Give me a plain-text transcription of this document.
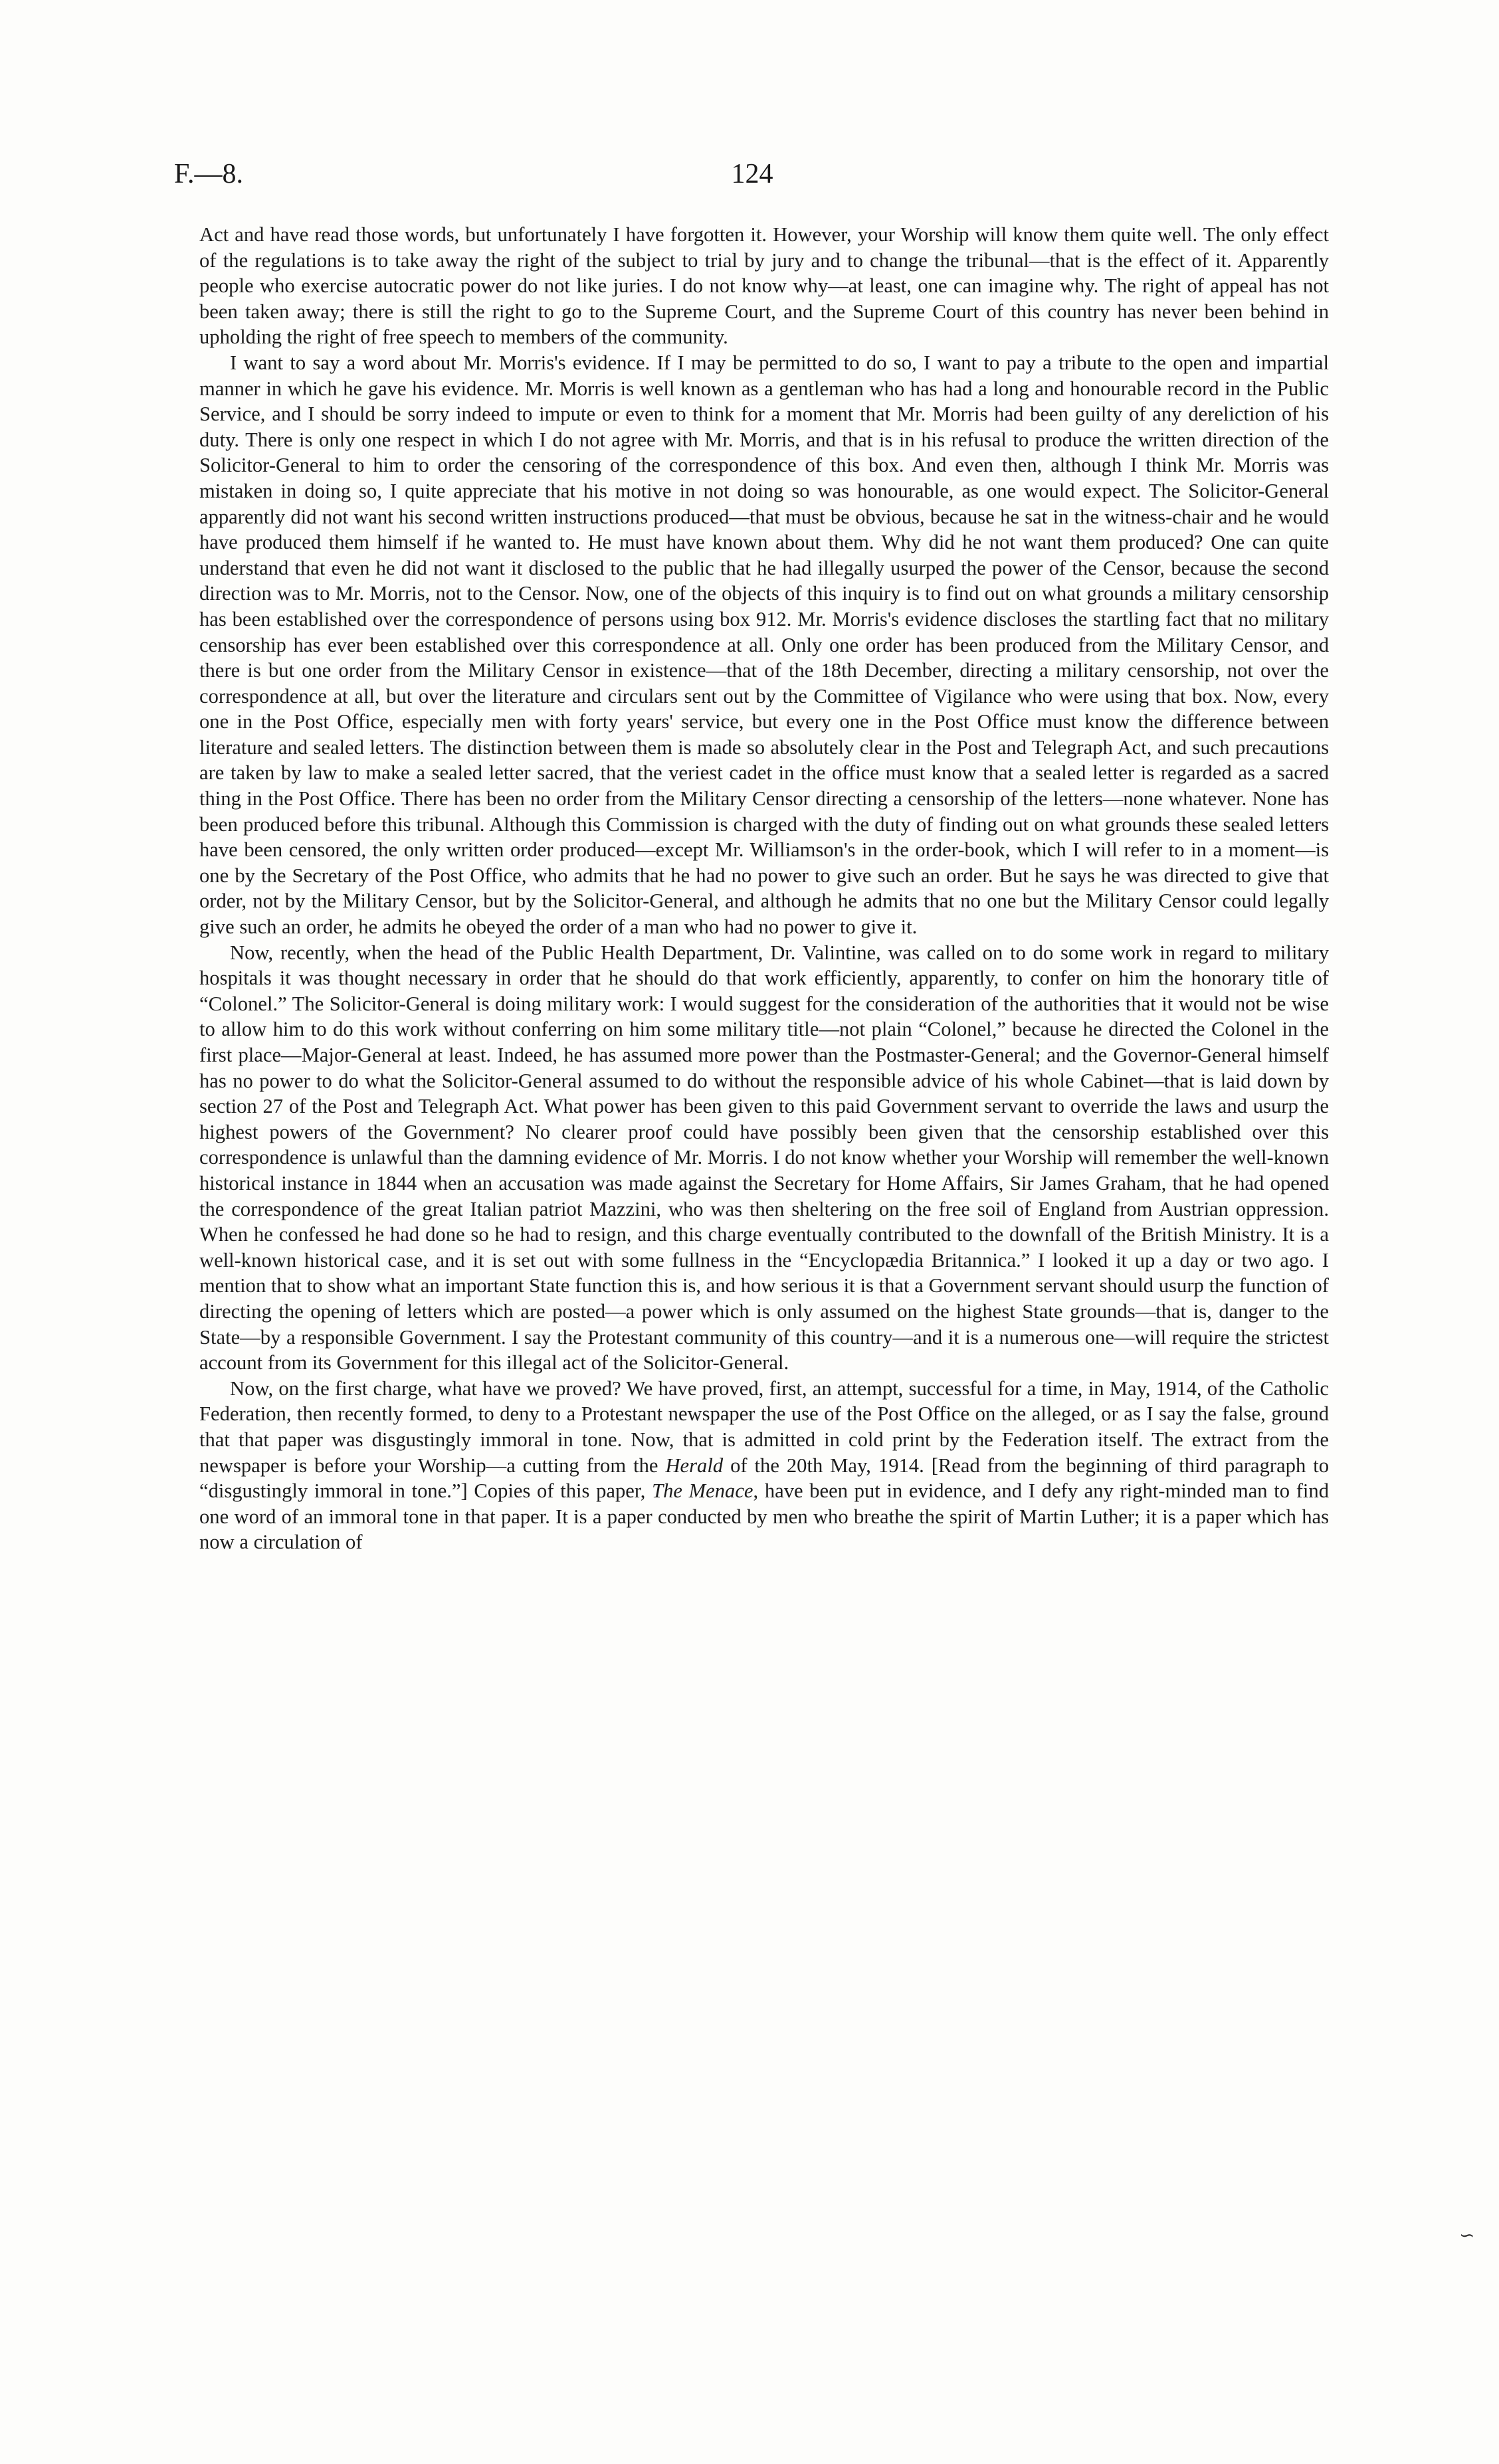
F.—8.	124

Act and have read those words, but unfortunately I have forgotten it. However, your Worship will know them quite well. The only effect of the regulations is to take away the right of the subject to trial by jury and to change the tribunal—that is the effect of it. Apparently people who exercise autocratic power do not like juries. I do not know why—at least, one can imagine why. The right of appeal has not been taken away; there is still the right to go to the Supreme Court, and the Supreme Court of this country has never been behind in upholding the right of free speech to members of the community.

I want to say a word about Mr. Morris's evidence. If I may be permitted to do so, I want to pay a tribute to the open and impartial manner in which he gave his evidence. Mr. Morris is well known as a gentleman who has had a long and honourable record in the Public Service, and I should be sorry indeed to impute or even to think for a moment that Mr. Morris had been guilty of any dereliction of his duty. There is only one respect in which I do not agree with Mr. Morris, and that is in his refusal to produce the written direction of the Solicitor-General to him to order the censoring of the correspondence of this box. And even then, although I think Mr. Morris was mistaken in doing so, I quite appreciate that his motive in not doing so was honourable, as one would expect. The Solicitor-General apparently did not want his second written instructions produced—that must be obvious, because he sat in the witness-chair and he would have produced them himself if he wanted to. He must have known about them. Why did he not want them produced? One can quite understand that even he did not want it disclosed to the public that he had illegally usurped the power of the Censor, because the second direction was to Mr. Morris, not to the Censor. Now, one of the objects of this inquiry is to find out on what grounds a military censorship has been established over the correspondence of persons using box 912. Mr. Morris's evidence discloses the startling fact that no military censorship has ever been established over this correspondence at all. Only one order has been produced from the Military Censor, and there is but one order from the Military Censor in existence—that of the 18th December, directing a military censorship, not over the correspondence at all, but over the literature and circulars sent out by the Committee of Vigilance who were using that box. Now, every one in the Post Office, especially men with forty years' service, but every one in the Post Office must know the difference between literature and sealed letters. The distinction between them is made so absolutely clear in the Post and Telegraph Act, and such precautions are taken by law to make a sealed letter sacred, that the veriest cadet in the office must know that a sealed letter is regarded as a sacred thing in the Post Office. There has been no order from the Military Censor directing a censorship of the letters—none whatever. None has been produced before this tribunal. Although this Commission is charged with the duty of finding out on what grounds these sealed letters have been censored, the only written order produced—except Mr. Williamson's in the order-book, which I will refer to in a moment—is one by the Secretary of the Post Office, who admits that he had no power to give such an order. But he says he was directed to give that order, not by the Military Censor, but by the Solicitor-General, and although he admits that no one but the Military Censor could legally give such an order, he admits he obeyed the order of a man who had no power to give it.

Now, recently, when the head of the Public Health Department, Dr. Valintine, was called on to do some work in regard to military hospitals it was thought necessary in order that he should do that work efficiently, apparently, to confer on him the honorary title of “Colonel.” The Solicitor-General is doing military work: I would suggest for the consideration of the authorities that it would not be wise to allow him to do this work without conferring on him some military title—not plain “Colonel,” because he directed the Colonel in the first place—Major-General at least. Indeed, he has assumed more power than the Postmaster-General; and the Governor-General himself has no power to do what the Solicitor-General assumed to do without the responsible advice of his whole Cabinet—that is laid down by section 27 of the Post and Telegraph Act. What power has been given to this paid Government servant to override the laws and usurp the highest powers of the Government? No clearer proof could have possibly been given that the censorship established over this correspondence is unlawful than the damning evidence of Mr. Morris. I do not know whether your Worship will remember the well-known historical instance in 1844 when an accusation was made against the Secretary for Home Affairs, Sir James Graham, that he had opened the correspondence of the great Italian patriot Mazzini, who was then sheltering on the free soil of England from Austrian oppression. When he confessed he had done so he had to resign, and this charge eventually contributed to the downfall of the British Ministry. It is a well-known historical case, and it is set out with some fullness in the “Encyclopædia Britannica.” I looked it up a day or two ago. I mention that to show what an important State function this is, and how serious it is that a Government servant should usurp the function of directing the opening of letters which are posted—a power which is only assumed on the highest State grounds—that is, danger to the State—by a responsible Government. I say the Protestant community of this country—and it is a numerous one—will require the strictest account from its Government for this illegal act of the Solicitor-General.

Now, on the first charge, what have we proved? We have proved, first, an attempt, successful for a time, in May, 1914, of the Catholic Federation, then recently formed, to deny to a Protestant newspaper the use of the Post Office on the alleged, or as I say the false, ground that that paper was disgustingly immoral in tone. Now, that is admitted in cold print by the Federation itself. The extract from the newspaper is before your Worship—a cutting from the Herald of the 20th May, 1914. [Read from the beginning of third paragraph to “disgustingly immoral in tone.”] Copies of this paper, The Menace, have been put in evidence, and I defy any right-minded man to find one word of an immoral tone in that paper. It is a paper conducted by men who breathe the spirit of Martin Luther; it is a paper which has now a circulation of

∽
